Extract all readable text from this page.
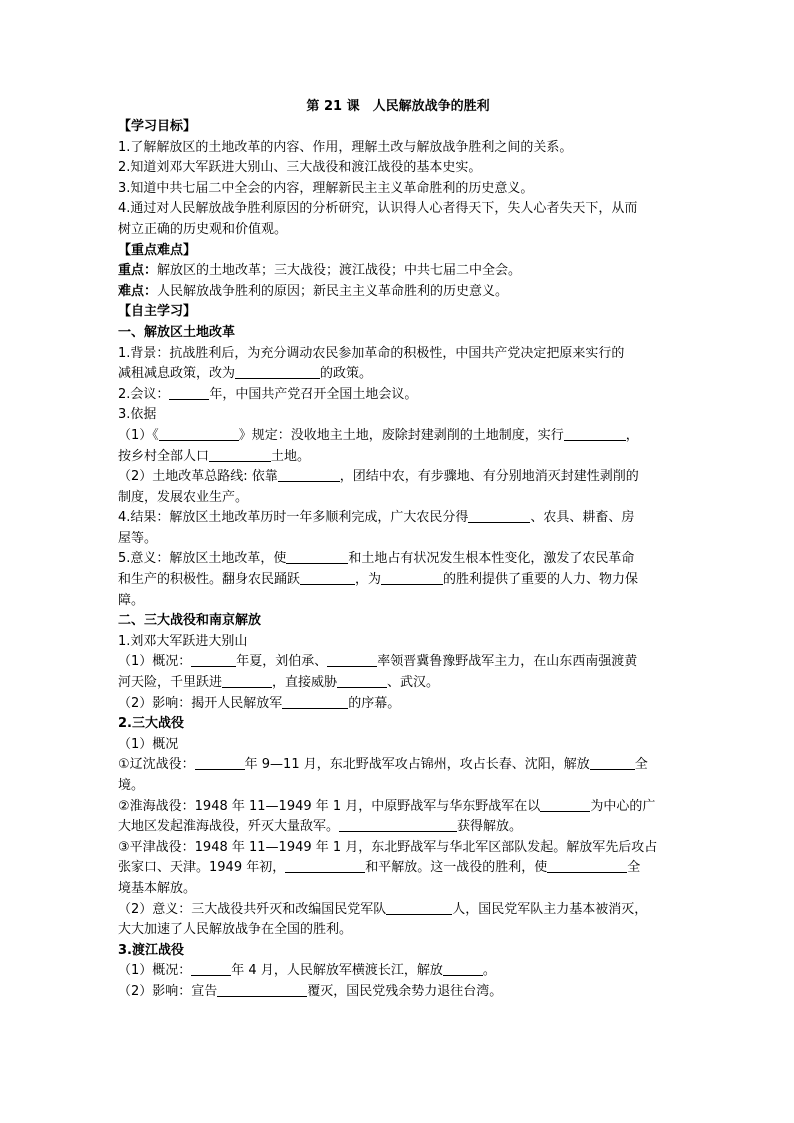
第 21 课　人民解放战争的胜利
【学习目标】
1.了解解放区的土地改革的内容、作用，理解土改与解放战争胜利之间的关系。
2.知道刘邓大军跃进大别山、三大战役和渡江战役的基本史实。
3.知道中共七届二中全会的内容，理解新民主主义革命胜利的历史意义。
4.通过对人民解放战争胜利原因的分析研究，认识得人心者得天下，失人心者失天下，从而
树立正确的历史观和价值观。
【重点难点】
重点：解放区的土地改革；三大战役；渡江战役；中共七届二中全会。
难点：人民解放战争胜利的原因；新民主主义革命胜利的历史意义。
【自主学习】
一、解放区土地改革
1.背景：抗战胜利后，为充分调动农民参加革命的积极性，中国共产党决定把原来实行的
减租减息政策，改为	的政策。
2.会议：	年，中国共产党召开全国土地会议。
3.依据
（1）《	》规定：没收地主土地，废除封建剥削的土地制度，实行	，
按乡村全部人口	土地。
（2）土地改革总路线: 依靠	，团结中农，有步骤地、有分别地消灭封建性剥削的
制度，发展农业生产。
4.结果：解放区土地改革历时一年多顺利完成，广大农民分得	、农具、耕畜、房
屋等。
5.意义：解放区土地改革，使	和土地占有状况发生根本性变化，激发了农民革命
和生产的积极性。翻身农民踊跃	，为	的胜利提供了重要的人力、物力保
障。
二、三大战役和南京解放
1.刘邓大军跃进大别山
（1）概况：	年夏，刘伯承、	率领晋冀鲁豫野战军主力，在山东西南强渡黄
河天险，千里跃进	，直接威胁	、武汉。
（2）影响：揭开人民解放军	的序幕。
2.三大战役
（1）概况
①辽沈战役：	年 9—11 月，东北野战军攻占锦州，攻占长春、沈阳，解放	全
境。
②淮海战役：1948 年 11—1949 年 1 月，中原野战军与华东野战军在以	为中心的广
大地区发起淮海战役，歼灭大量敌军。	获得解放。
③平津战役：1948 年 11—1949 年 1 月，东北野战军与华北军区部队发起。解放军先后攻占
张家口、天津。1949 年初，	和平解放。这一战役的胜利，使	全
境基本解放。
（2）意义：三大战役共歼灭和改编国民党军队	人，国民党军队主力基本被消灭，
大大加速了人民解放战争在全国的胜利。
3.渡江战役
（1）概况：	年 4 月，人民解放军横渡长江，解放	。
（2）影响：宣告	覆灭，国民党残余势力退往台湾。
